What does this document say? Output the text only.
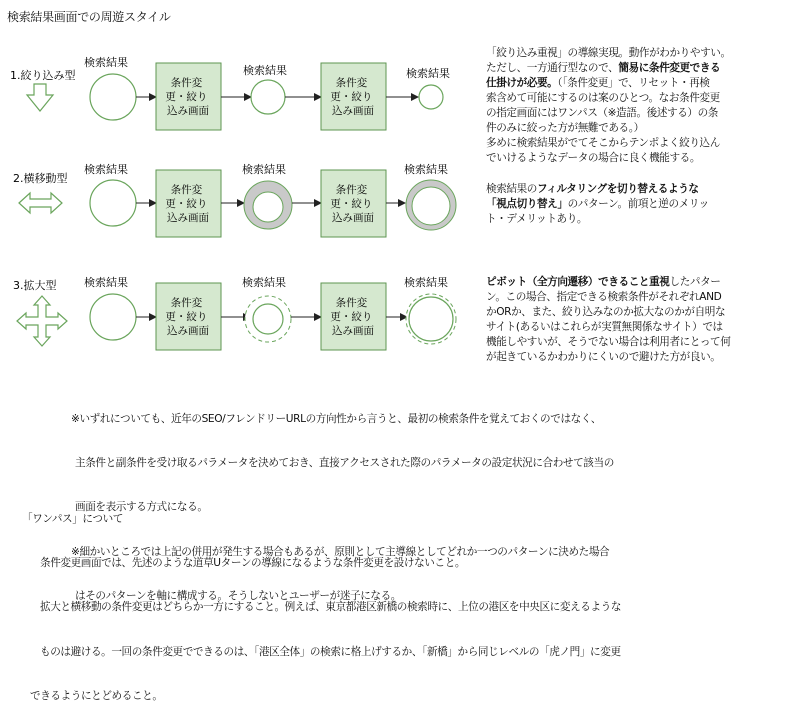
検索結果画面での周遊スタイル
1.絞り込み型
検索結果
条件変 更・絞り 込み画面
検索結果
条件変 更・絞り 込み画面
検索結果
2.横移動型
検索結果
条件変 更・絞り 込み画面
検索結果
条件変 更・絞り 込み画面
検索結果
3.拡大型	検索結果
条件変 更・絞り 込み画面
検索結果
条件変 更・絞り 込み画面
検索結果
「絞り込み重視」の導線実現。動作がわかりやすい。
ただし、一方通行型なので、簡易に条件変更できる
仕掛けが必要。（「条件変更」で、リセット・再検
索含めて可能にするのは案のひとつ。なお条件変更
の指定画面にはワンパス（※造語。後述する）の条
件のみに絞った方が無難である。）
多めに検索結果がでてそこからテンポよく絞り込ん
でいけるようなデータの場合に良く機能する。
検索結果のフィルタリングを切り替えるような
「視点切り替え」のパターン。前項と逆のメリッ
ト・デメリットあり。
ピボット（全方向遷移）できること重視したパター
ン。この場合、指定できる検索条件がそれぞれAND
かORか、また、絞り込みなのか拡大なのかが自明な
サイト(あるいはこれらが実質無関係なサイト）では
機能しやすいが、そうでない場合は利用者にとって何
が起きているかわかりにくいので避けた方が良い。

※いずれについても、近年のSEO/フレンドリーURLの方向性から言うと、最初の検索条件を覚えておくのではなく、

主条件と副条件を受け取るパラメータを決めておき、直接アクセスされた際のパラメータの設定状況に合わせて該当の

画面を表示する方式になる。

※細かいところでは上記の併用が発生する場合もあるが、原則として主導線としてどれか一つのパターンに決めた場合

はそのパターンを軸に構成する。そうしないとユーザーが迷子になる。

「ワンパス」について

条件変更画面では、先述のような道草Uターンの導線になるような条件変更を設けないこと。

拡大と横移動の条件変更はどちらか一方にすること。例えば、東京都港区新橋の検索時に、上位の港区を中央区に変えるような

ものは避ける。一回の条件変更でできるのは、「港区全体」の検索に格上げするか、「新橋」から同じレベルの「虎ノ門」に変更

できるようにとどめること。
